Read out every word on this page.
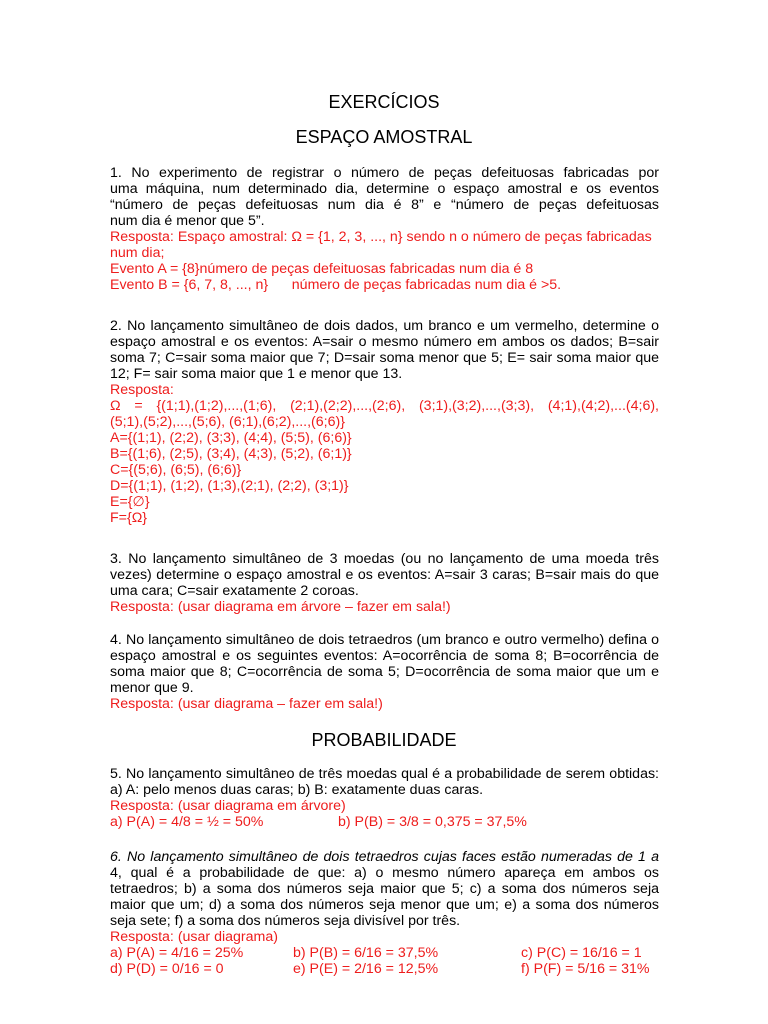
EXERCÍCIOS
ESPAÇO AMOSTRAL
1. No experimento de registrar o número de peças defeituosas fabricadas por
uma máquina, num determinado dia, determine o espaço amostral e os eventos
“número de peças defeituosas num dia é 8” e “número de peças defeituosas
num dia é menor que 5”.
Resposta: Espaço amostral: Ω = {1, 2, 3, ..., n} sendo n o número de peças fabricadas
num dia;
Evento A = {8}número de peças defeituosas fabricadas num dia é 8
Evento B = {6, 7, 8, ..., n}      número de peças fabricadas num dia é >5.
2. No lançamento simultâneo de dois dados, um branco e um vermelho, determine o
espaço amostral e os eventos: A=sair o mesmo número em ambos os dados; B=sair
soma 7; C=sair soma maior que 7; D=sair soma menor que 5; E= sair soma maior que
12; F= sair soma maior que 1 e menor que 13.
Resposta:
Ω = {(1;1),(1;2),...,(1;6), (2;1),(2;2),...,(2;6), (3;1),(3;2),...,(3;3), (4;1),(4;2),...(4;6),
(5;1),(5;2),...,(5;6), (6;1),(6;2),...,(6;6)}
A={(1;1), (2;2), (3;3), (4;4), (5;5), (6;6)}
B={(1;6), (2;5), (3;4), (4;3), (5;2), (6;1)}
C={(5;6), (6;5), (6;6)}
D={(1;1), (1;2), (1;3),(2;1), (2;2), (3;1)}
E={∅}
F={Ω}
3. No lançamento simultâneo de 3 moedas (ou no lançamento de uma moeda três
vezes) determine o espaço amostral e os eventos: A=sair 3 caras; B=sair mais do que
uma cara; C=sair exatamente 2 coroas.
Resposta: (usar diagrama em árvore – fazer em sala!)
4. No lançamento simultâneo de dois tetraedros (um branco e outro vermelho) defina o
espaço amostral e os seguintes eventos: A=ocorrência de soma 8; B=ocorrência de
soma maior que 8; C=ocorrência de soma 5; D=ocorrência de soma maior que um e
menor que 9.
Resposta: (usar diagrama – fazer em sala!)
PROBABILIDADE
5. No lançamento simultâneo de três moedas qual é a probabilidade de serem obtidas:
a) A: pelo menos duas caras; b) B: exatamente duas caras.
Resposta: (usar diagrama em árvore)
a) P(A) = 4/8 = ½ = 50%	b) P(B) = 3/8 = 0,375 = 37,5%
6. No lançamento simultâneo de dois tetraedros cujas faces estão numeradas de 1 a
4, qual é a probabilidade de que: a) o mesmo número apareça em ambos os
tetraedros; b) a soma dos números seja maior que 5; c) a soma dos números seja
maior que um; d) a soma dos números seja menor que um; e) a soma dos números
seja sete; f) a soma dos números seja divisível por três.
Resposta: (usar diagrama)
a) P(A) = 4/16 = 25%	b) P(B) = 6/16 = 37,5%	c) P(C) = 16/16 = 1
d) P(D) = 0/16 = 0	e) P(E) = 2/16 = 12,5%	f) P(F) = 5/16 = 31%
